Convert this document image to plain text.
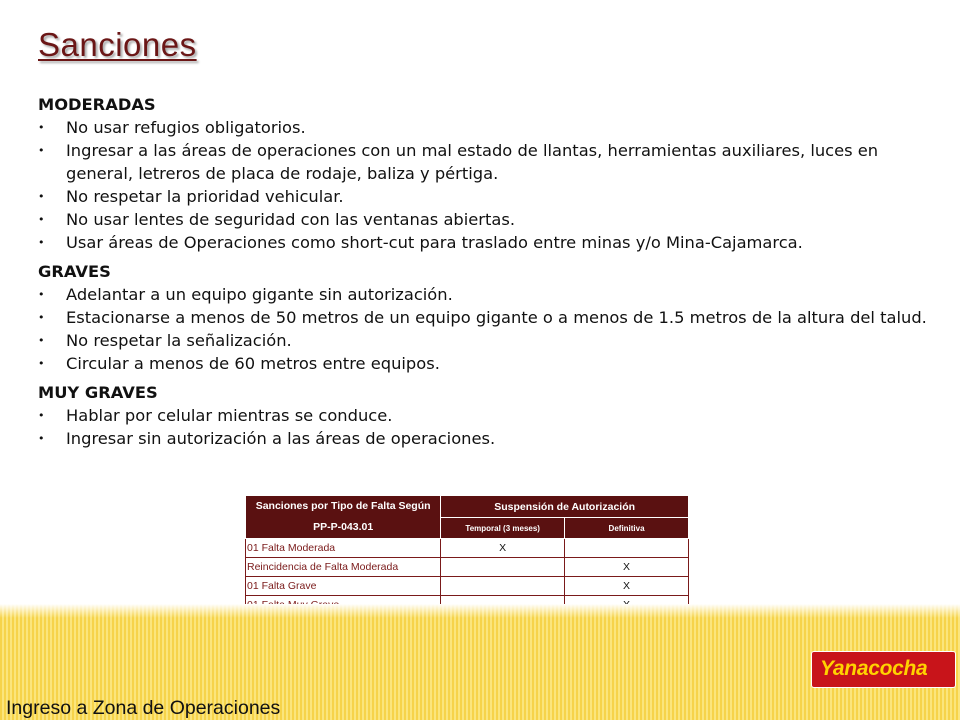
Sanciones
MODERADAS
• No usar refugios obligatorios.
• Ingresar a las áreas de operaciones con un mal estado de llantas, herramientas auxiliares, luces en general, letreros de placa de rodaje, baliza y pértiga.
• No respetar la prioridad vehicular.
• No usar lentes de seguridad con las ventanas abiertas.
• Usar áreas de Operaciones como short-cut para traslado entre minas y/o Mina-Cajamarca.
GRAVES
• Adelantar a un equipo gigante sin autorización.
• Estacionarse a menos de 50 metros de un equipo gigante o a menos de 1.5 metros de la altura del talud.
• No respetar la señalización.
• Circular a menos de 60 metros entre equipos.
MUY GRAVES
• Hablar por celular mientras se conduce.
• Ingresar sin autorización a las áreas de operaciones.
Sanciones por Tipo de Falta Según PP-P-043.01	Suspensión de Autorización	
	Temporal (3 meses)	Definitiva
01 Falta Moderada	X	
Reincidencia de Falta Moderada		X
01 Falta Grave		X

Yanacocha
Ingreso a Zona de Operaciones
